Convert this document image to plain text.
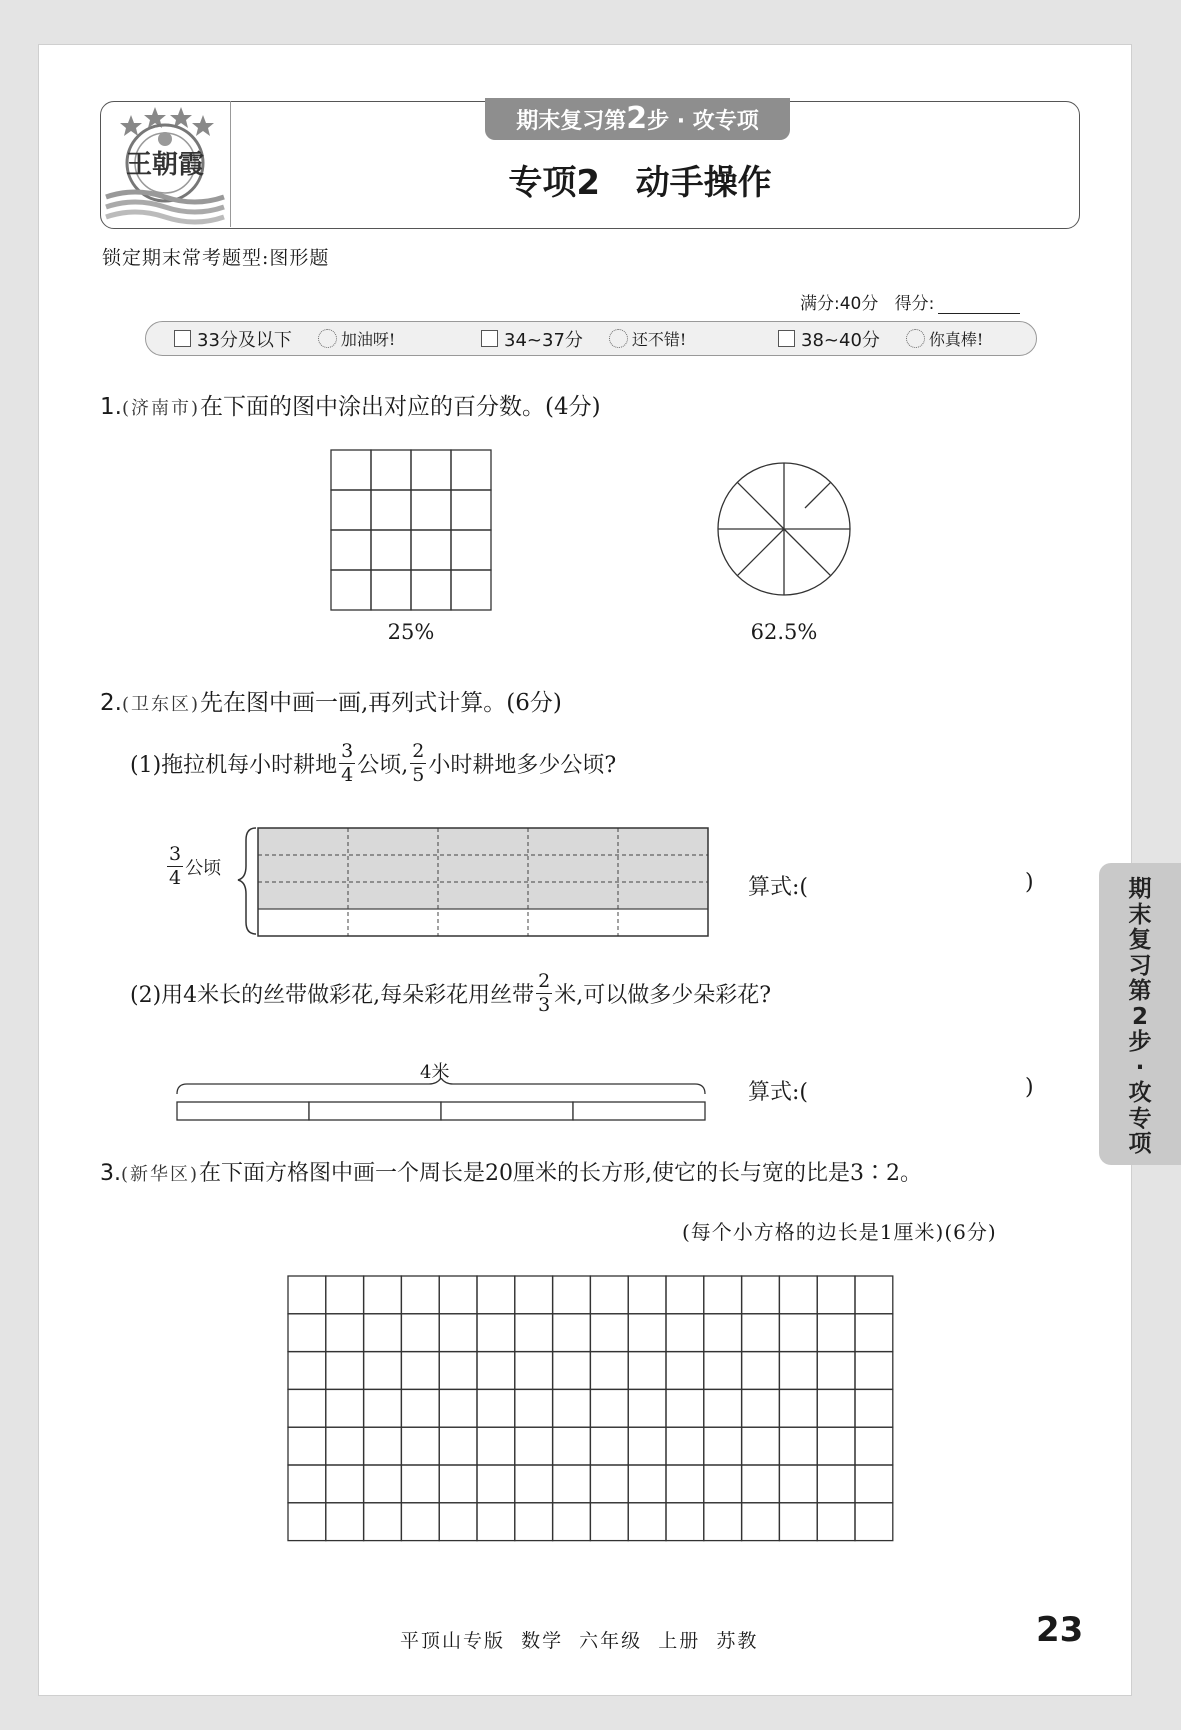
王朝霞
期末复习第2步 · 攻专项
专项2   动手操作
锁定期末常考题型:图形题
满分:40分 得分:
33分及以下	加油呀!	34~37分	还不错!	38~40分	你真棒!
1.(济南市)在下面的图中涂出对应的百分数。(4分)
25%	62.5%
2.(卫东区)先在图中画一画,再列式计算。(6分)
(1)拖拉机每小时耕地 $\frac{3}{4}$ 公顷, $\frac{2}{5}$ 小时耕地多少公顷?
$\frac{3}{4}$ 公顷
算式:(	)
(2)用4米长的丝带做彩花,每朵彩花用丝带 $\frac{2}{3}$ 米,可以做多少朵彩花?
4米
算式:(	)
3.(新华区)在下面方格图中画一个周长是20厘米的长方形,使它的长与宽的比是3∶2。
(每个小方格的边长是1厘米)(6分)
期
末
复
习
第
2
步
·
攻
专
项
平顶山专版  数学  六年级  上册  苏教	23
